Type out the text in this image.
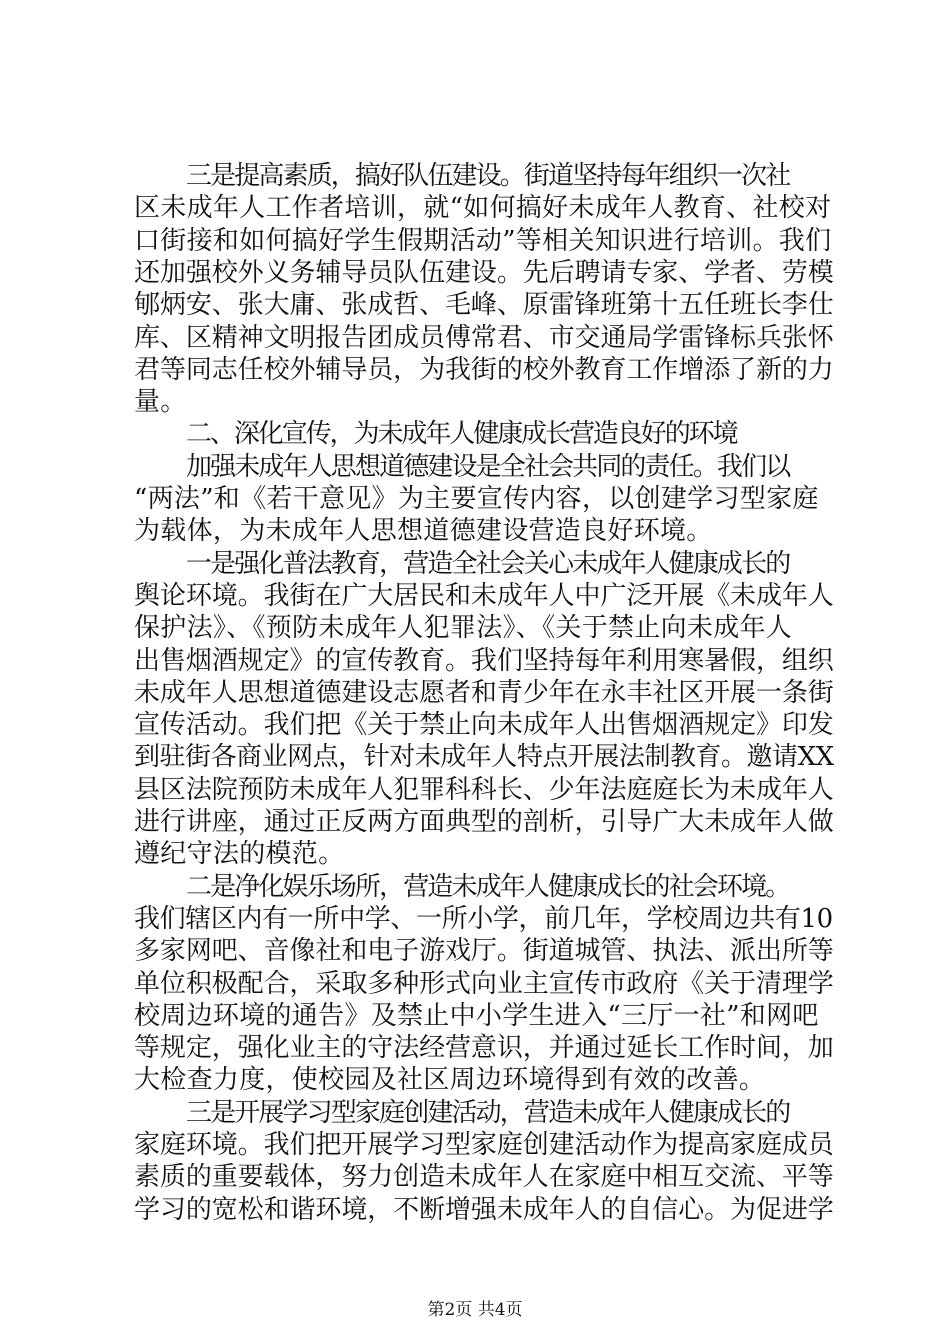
三是提高素质，搞好队伍建设。街道坚持每年组织一次社
区未成年人工作者培训，就“如何搞好未成年人教育、社校对
口街接和如何搞好学生假期活动”等相关知识进行培训。我们
还加强校外义务辅导员队伍建设。先后聘请专家、学者、劳模
郇炳安、张大庸、张成哲、毛峰、原雷锋班第十五任班长李仕
库、区精神文明报告团成员傅常君、市交通局学雷锋标兵张怀
君等同志任校外辅导员，为我街的校外教育工作增添了新的力
量。
二、深化宣传，为未成年人健康成长营造良好的环境
加强未成年人思想道德建设是全社会共同的责任。我们以
“两法”和《若干意见》为主要宣传内容，以创建学习型家庭
为载体，为未成年人思想道德建设营造良好环境。
一是强化普法教育，营造全社会关心未成年人健康成长的
舆论环境。我街在广大居民和未成年人中广泛开展《未成年人
保护法》、《预防未成年人犯罪法》、《关于禁止向未成年人
出售烟酒规定》的宣传教育。我们坚持每年利用寒暑假，组织
未成年人思想道德建设志愿者和青少年在永丰社区开展一条街
宣传活动。我们把《关于禁止向未成年人出售烟酒规定》印发
到驻街各商业网点，针对未成年人特点开展法制教育。邀请XX
县区法院预防未成年人犯罪科科长、少年法庭庭长为未成年人
进行讲座，通过正反两方面典型的剖析，引导广大未成年人做
遵纪守法的模范。
二是净化娱乐场所，营造未成年人健康成长的社会环境。
我们辖区内有一所中学、一所小学，前几年，学校周边共有10
多家网吧、音像社和电子游戏厅。街道城管、执法、派出所等
单位积极配合，采取多种形式向业主宣传市政府《关于清理学
校周边环境的通告》及禁止中小学生进入“三厅一社”和网吧
等规定，强化业主的守法经营意识，并通过延长工作时间，加
大检查力度，使校园及社区周边环境得到有效的改善。
三是开展学习型家庭创建活动，营造未成年人健康成长的
家庭环境。我们把开展学习型家庭创建活动作为提高家庭成员
素质的重要载体，努力创造未成年人在家庭中相互交流、平等
学习的宽松和谐环境，不断增强未成年人的自信心。为促进学
第2页 共4页
